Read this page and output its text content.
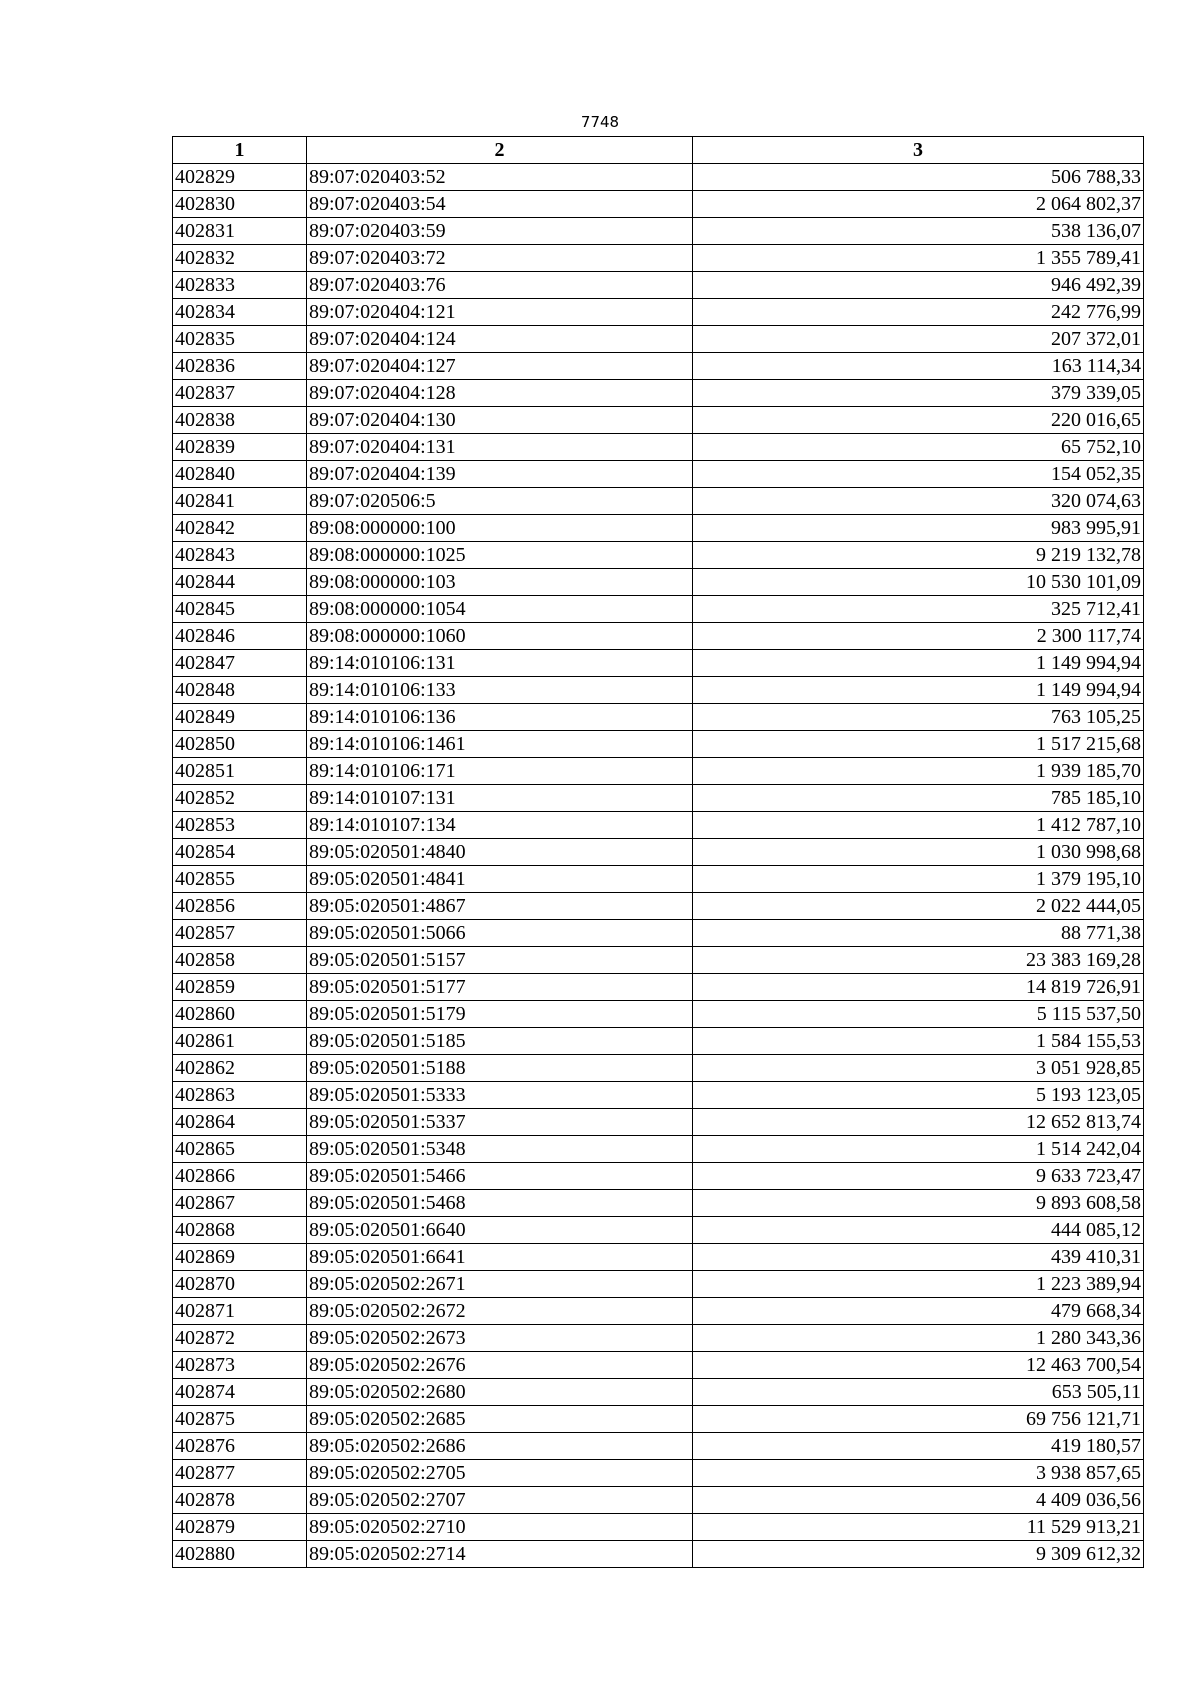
7748
1	2	3
402829	89:07:020403:52	506 788,33
402830	89:07:020403:54	2 064 802,37
402831	89:07:020403:59	538 136,07
402832	89:07:020403:72	1 355 789,41
402833	89:07:020403:76	946 492,39
402834	89:07:020404:121	242 776,99
402835	89:07:020404:124	207 372,01
402836	89:07:020404:127	163 114,34
402837	89:07:020404:128	379 339,05
402838	89:07:020404:130	220 016,65
402839	89:07:020404:131	65 752,10
402840	89:07:020404:139	154 052,35
402841	89:07:020506:5	320 074,63
402842	89:08:000000:100	983 995,91
402843	89:08:000000:1025	9 219 132,78
402844	89:08:000000:103	10 530 101,09
402845	89:08:000000:1054	325 712,41
402846	89:08:000000:1060	2 300 117,74
402847	89:14:010106:131	1 149 994,94
402848	89:14:010106:133	1 149 994,94
402849	89:14:010106:136	763 105,25
402850	89:14:010106:1461	1 517 215,68
402851	89:14:010106:171	1 939 185,70
402852	89:14:010107:131	785 185,10
402853	89:14:010107:134	1 412 787,10
402854	89:05:020501:4840	1 030 998,68
402855	89:05:020501:4841	1 379 195,10
402856	89:05:020501:4867	2 022 444,05
402857	89:05:020501:5066	88 771,38
402858	89:05:020501:5157	23 383 169,28
402859	89:05:020501:5177	14 819 726,91
402860	89:05:020501:5179	5 115 537,50
402861	89:05:020501:5185	1 584 155,53
402862	89:05:020501:5188	3 051 928,85
402863	89:05:020501:5333	5 193 123,05
402864	89:05:020501:5337	12 652 813,74
402865	89:05:020501:5348	1 514 242,04
402866	89:05:020501:5466	9 633 723,47
402867	89:05:020501:5468	9 893 608,58
402868	89:05:020501:6640	444 085,12
402869	89:05:020501:6641	439 410,31
402870	89:05:020502:2671	1 223 389,94
402871	89:05:020502:2672	479 668,34
402872	89:05:020502:2673	1 280 343,36
402873	89:05:020502:2676	12 463 700,54
402874	89:05:020502:2680	653 505,11
402875	89:05:020502:2685	69 756 121,71
402876	89:05:020502:2686	419 180,57
402877	89:05:020502:2705	3 938 857,65
402878	89:05:020502:2707	4 409 036,56
402879	89:05:020502:2710	11 529 913,21
402880	89:05:020502:2714	9 309 612,32
